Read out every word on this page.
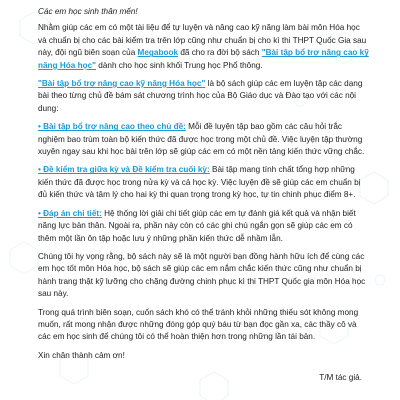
Các em học sinh thân mến!

Nhằm giúp các em có một tài liệu để tự luyện và nâng cao kỹ năng làm bài môn Hóa học và chuẩn bị cho các bài kiểm tra trên lớp cũng như chuẩn bị cho kì thi THPT Quốc Gia sau này, đội ngũ biên soạn của Megabook đã cho ra đời bộ sách "Bài tập bổ trợ nâng cao kỹ năng Hóa học" dành cho học sinh khối Trung học Phổ thông.

"Bài tập bổ trợ nâng cao kỹ năng Hóa học" là bộ sách giúp các em luyện tập các dạng bài theo từng chủ đề bám sát chương trình học của Bộ Giáo dục và Đào tạo với các nội dung:

• Bài tập bổ trợ nâng cao theo chủ đề: Mỗi đề luyện tập bao gồm các câu hỏi trắc nghiệm bao trùm toàn bộ kiến thức đã được học trong một chủ đề. Việc luyện tập thường xuyên ngay sau khi học bài trên lớp sẽ giúp các em có một nền tảng kiến thức vững chắc.

• Đề kiểm tra giữa kỳ và Đề kiểm tra cuối kỳ: Bài tập mang tính chất tổng hợp những kiến thức đã được học trong nửa kỳ và cả học kỳ. Việc luyện đề sẽ giúp các em chuẩn bị đủ kiến thức và tâm lý cho hai kỳ thi quan trọng trong kỳ học, tự tin chinh phục điểm 8+.

• Đáp án chi tiết: Hệ thống lời giải chi tiết giúp các em tự đánh giá kết quả và nhận biết năng lực bản thân. Ngoài ra, phần này còn có các ghi chú ngắn gọn sẽ giúp các em có thêm một lần ôn tập hoặc lưu ý những phần kiến thức dễ nhầm lẫn.

Chúng tôi hy vọng rằng, bộ sách này sẽ là một người bạn đồng hành hữu ích để cùng các em học tốt môn Hóa học, bộ sách sẽ giúp các em nắm chắc kiến thức cũng như chuẩn bị hành trang thật kỹ lưỡng cho chặng đường chinh phục kì thi THPT Quốc gia môn Hóa học sau này.

Trong quá trình biên soạn, cuốn sách khó có thể tránh khỏi những thiếu sót không mong muốn, rất mong nhận được những đóng góp quý báu từ bạn đọc gần xa, các thầy cô và các em học sinh để chúng tôi có thể hoàn thiện hơn trong những lần tái bản.

Xin chân thành cảm ơn!

T/M tác giả.
